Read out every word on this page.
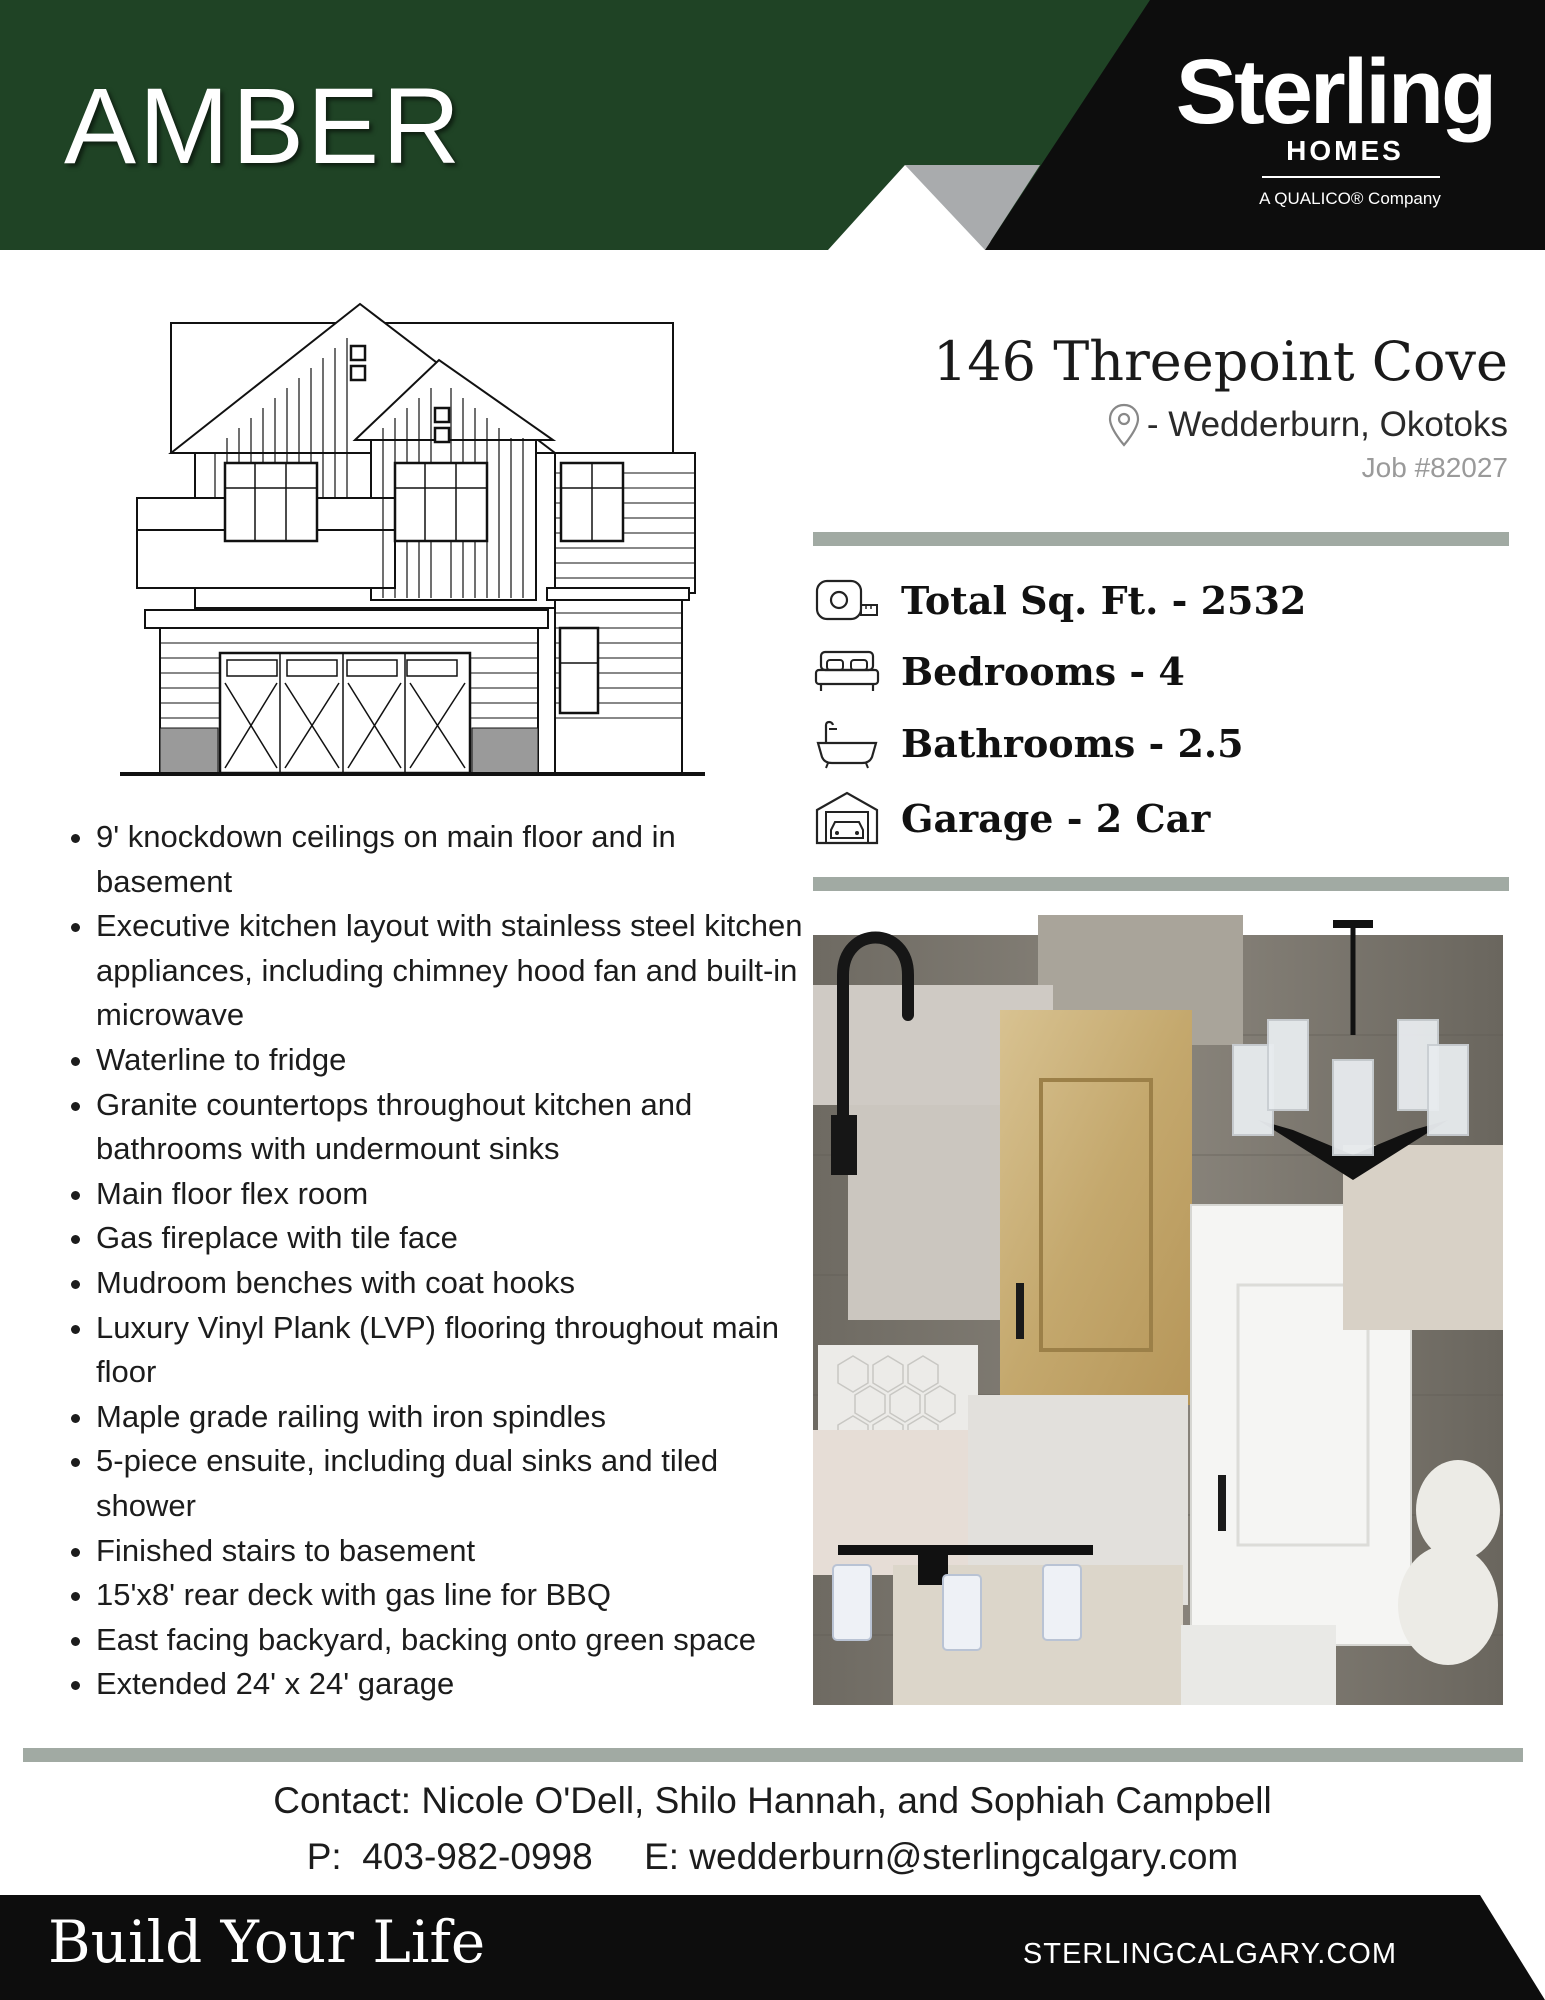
AMBER	Sterling
HOMES
A QUALICO® Company
146 Threepoint Cove
- Wedderburn, Okotoks
Job #82027
Total Sq. Ft. - 2532
Bedrooms - 4
Bathrooms - 2.5
Garage - 2 Car
• 9' knockdown ceilings on main floor and in basement
• Executive kitchen layout with stainless steel kitchen appliances, including chimney hood fan and built-in microwave
• Waterline to fridge
• Granite countertops throughout kitchen and bathrooms with undermount sinks
• Main floor flex room
• Gas fireplace with tile face
• Mudroom benches with coat hooks
• Luxury Vinyl Plank (LVP) flooring throughout main floor
• Maple grade railing with iron spindles
• 5-piece ensuite, including dual sinks and tiled shower
• Finished stairs to basement
• 15'x8' rear deck with gas line for BBQ
• East facing backyard, backing onto green space
• Extended 24' x 24' garage
Contact: Nicole O'Dell, Shilo Hannah, and Sophiah Campbell
P:  403-982-0998     E: wedderburn@sterlingcalgary.com
Build Your Life	STERLINGCALGARY.COM
